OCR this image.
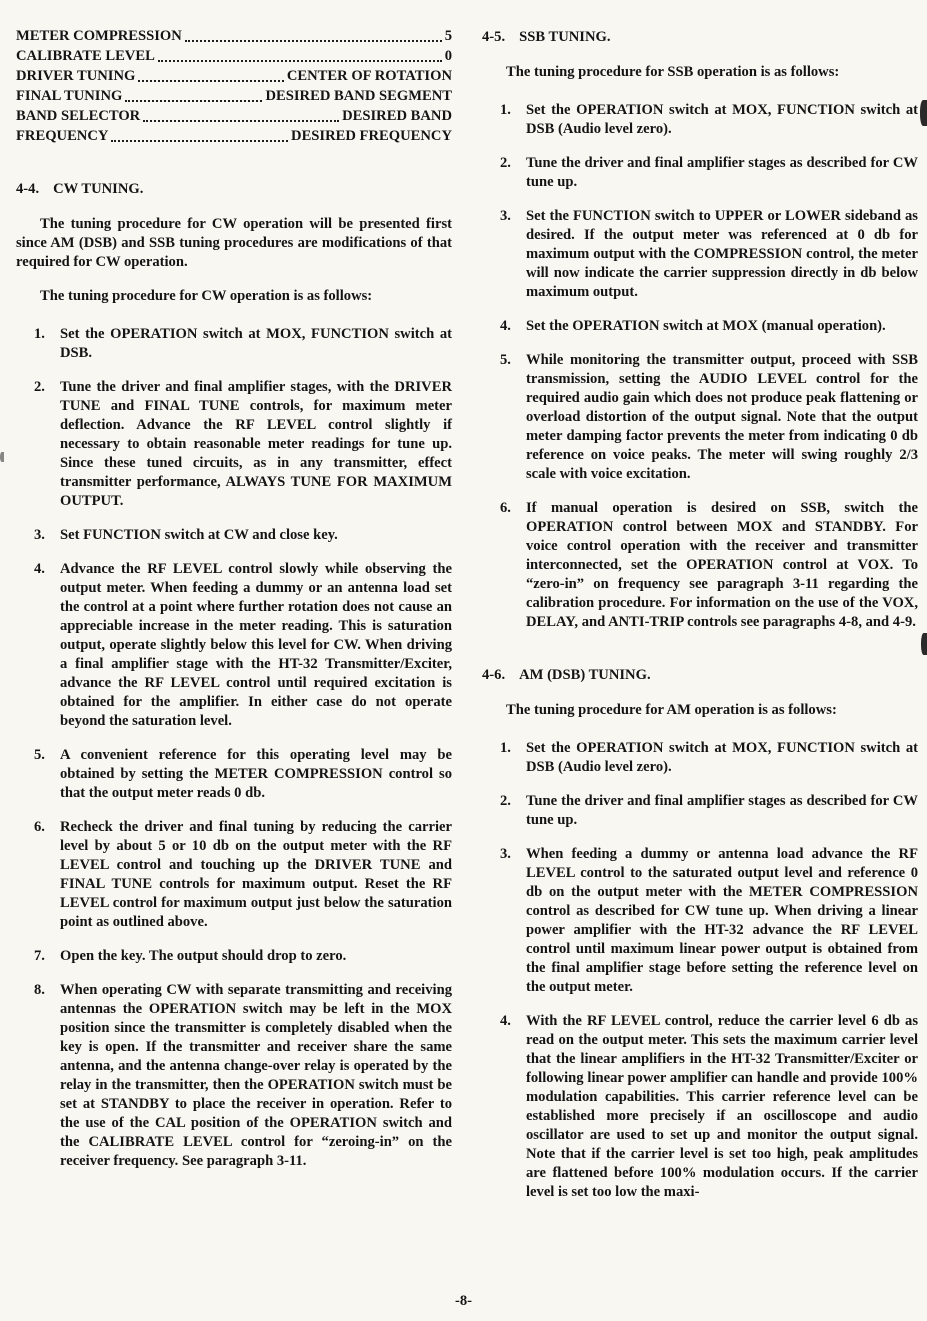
METER COMPRESSION	5
CALIBRATE LEVEL	0
DRIVER TUNING	CENTER OF ROTATION
FINAL TUNING	DESIRED BAND SEGMENT
BAND SELECTOR	DESIRED BAND
FREQUENCY	DESIRED FREQUENCY
4-4. CW TUNING.

The tuning procedure for CW operation will be presented first since AM (DSB) and SSB tuning procedures are modifications of that required for CW operation.

The tuning procedure for CW operation is as follows:

1.	Set the OPERATION switch at MOX, FUNCTION switch at DSB.
2.	Tune the driver and final amplifier stages, with the DRIVER TUNE and FINAL TUNE controls, for maximum meter deflection. Advance the RF LEVEL control slightly if necessary to obtain reasonable meter readings for tune up. Since these tuned circuits, as in any transmitter, effect transmitter performance, ALWAYS TUNE FOR MAXIMUM OUTPUT.
3.	Set FUNCTION switch at CW and close key.
4.	Advance the RF LEVEL control slowly while observing the output meter. When feeding a dummy or an antenna load set the control at a point where further rotation does not cause an appreciable increase in the meter reading. This is saturation output, operate slightly below this level for CW. When driving a final amplifier stage with the HT-32 Transmitter/Exciter, advance the RF LEVEL control until required excitation is obtained for the amplifier. In either case do not operate beyond the saturation level.
5.	A convenient reference for this operating level may be obtained by setting the METER COMPRESSION control so that the output meter reads 0 db.
6.	Recheck the driver and final tuning by reducing the carrier level by about 5 or 10 db on the output meter with the RF LEVEL control and touching up the DRIVER TUNE and FINAL TUNE controls for maximum output. Reset the RF LEVEL control for maximum output just below the saturation point as outlined above.
7.	Open the key. The output should drop to zero.
8.	When operating CW with separate transmitting and receiving antennas the OPERATION switch may be left in the MOX position since the transmitter is completely disabled when the key is open. If the transmitter and receiver share the same antenna, and the antenna change-over relay is operated by the relay in the transmitter, then the OPERATION switch must be set at STANDBY to place the receiver in operation. Refer to the use of the CAL position of the OPERATION switch and the CALIBRATE LEVEL control for “zeroing-in” on the receiver frequency. See paragraph 3-11.
4-5. SSB TUNING.

The tuning procedure for SSB operation is as follows:

1.	Set the OPERATION switch at MOX, FUNCTION switch at DSB (Audio level zero).
2.	Tune the driver and final amplifier stages as described for CW tune up.
3.	Set the FUNCTION switch to UPPER or LOWER sideband as desired. If the output meter was referenced at 0 db for maximum output with the COMPRESSION control, the meter will now indicate the carrier suppression directly in db below maximum output.
4.	Set the OPERATION switch at MOX (manual operation).
5.	While monitoring the transmitter output, proceed with SSB transmission, setting the AUDIO LEVEL control for the required audio gain which does not produce peak flattening or overload distortion of the output signal. Note that the output meter damping factor prevents the meter from indicating 0 db reference on voice peaks. The meter will swing roughly 2/3 scale with voice excitation.
6.	If manual operation is desired on SSB, switch the OPERATION control between MOX and STANDBY. For voice control operation with the receiver and transmitter interconnected, set the OPERATION control at VOX. To “zero-in” on frequency see paragraph 3-11 regarding the calibration procedure. For information on the use of the VOX, DELAY, and ANTI-TRIP controls see paragraphs 4-8, and 4-9.
4-6. AM (DSB) TUNING.

The tuning procedure for AM operation is as follows:

1.	Set the OPERATION switch at MOX, FUNCTION switch at DSB (Audio level zero).
2.	Tune the driver and final amplifier stages as described for CW tune up.
3.	When feeding a dummy or antenna load advance the RF LEVEL control to the saturated output level and reference 0 db on the output meter with the METER COMPRESSION control as described for CW tune up. When driving a linear power amplifier with the HT-32 advance the RF LEVEL control until maximum linear power output is obtained from the final amplifier stage before setting the reference level on the output meter.
4.	With the RF LEVEL control, reduce the carrier level 6 db as read on the output meter. This sets the maximum carrier level that the linear amplifiers in the HT-32 Transmitter/Exciter or following linear power amplifier can handle and provide 100% modulation capabilities. This carrier reference level can be established more precisely if an oscilloscope and audio oscillator are used to set up and monitor the output signal. Note that if the carrier level is set too high, peak amplitudes are flattened before 100% modulation occurs. If the carrier level is set too low the maxi-
-8-
